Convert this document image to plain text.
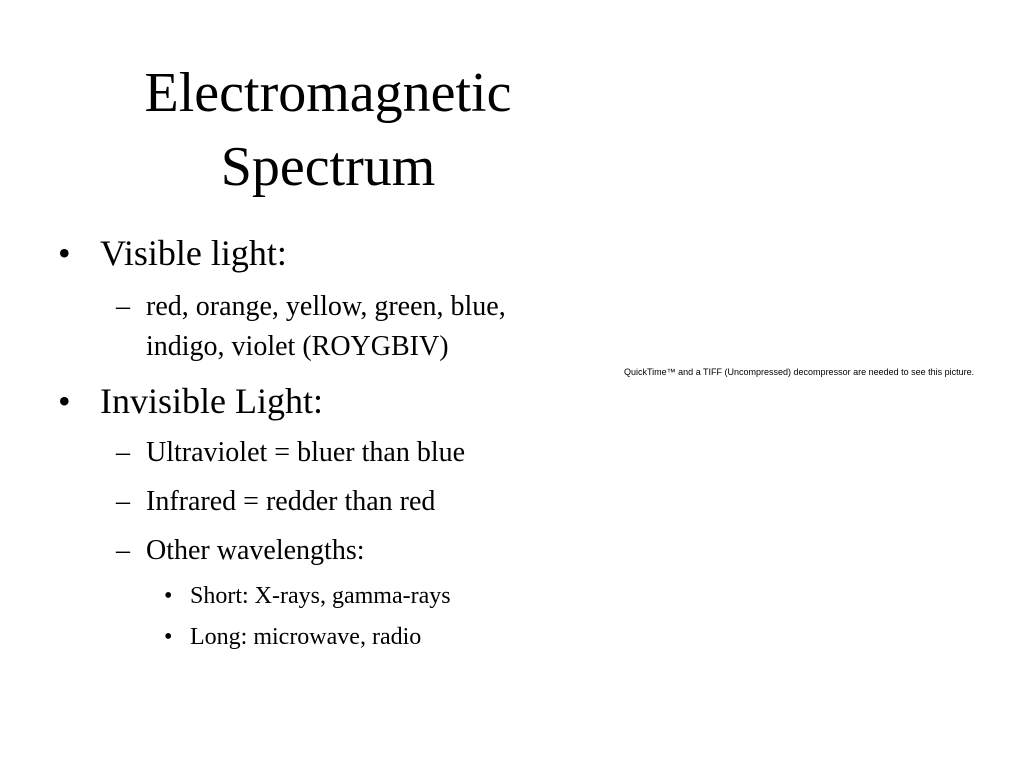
Electromagnetic
Spectrum
• Visible light:
– red, orange, yellow, green, blue,
indigo, violet (ROYGBIV)
• Invisible Light:
– Ultraviolet = bluer than blue
– Infrared = redder than red
– Other wavelengths:
• Short: X-rays, gamma-rays
• Long: microwave, radio
QuickTime™ and a TIFF (Uncompressed) decompressor are needed to see this picture.
